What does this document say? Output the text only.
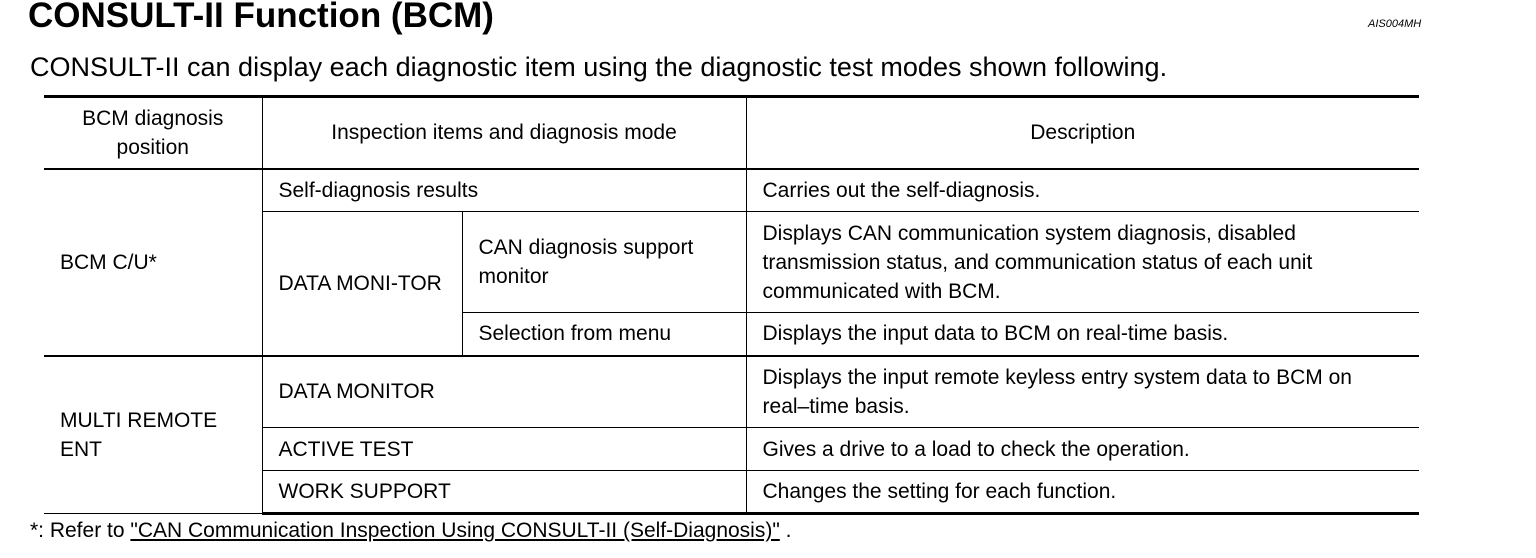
CONSULT-II Function (BCM)	AIS004MH
CONSULT-II can display each diagnostic item using the diagnostic test modes shown following.
BCM diagnosis position	Inspection items and diagnosis mode		Description
BCM C/U*	Self-diagnosis results		Carries out the self-diagnosis.
	DATA MONI-TOR	CAN diagnosis support monitor	Displays CAN communication system diagnosis, disabled transmission status, and communication status of each unit communicated with BCM.
		Selection from menu	Displays the input data to BCM on real-time basis.
MULTI REMOTE ENT	DATA MONITOR		Displays the input remote keyless entry system data to BCM on real–time basis.
	ACTIVE TEST		Gives a drive to a load to check the operation.
	WORK SUPPORT		Changes the setting for each function.
*: Refer to "CAN Communication Inspection Using CONSULT-II (Self-Diagnosis)" .
